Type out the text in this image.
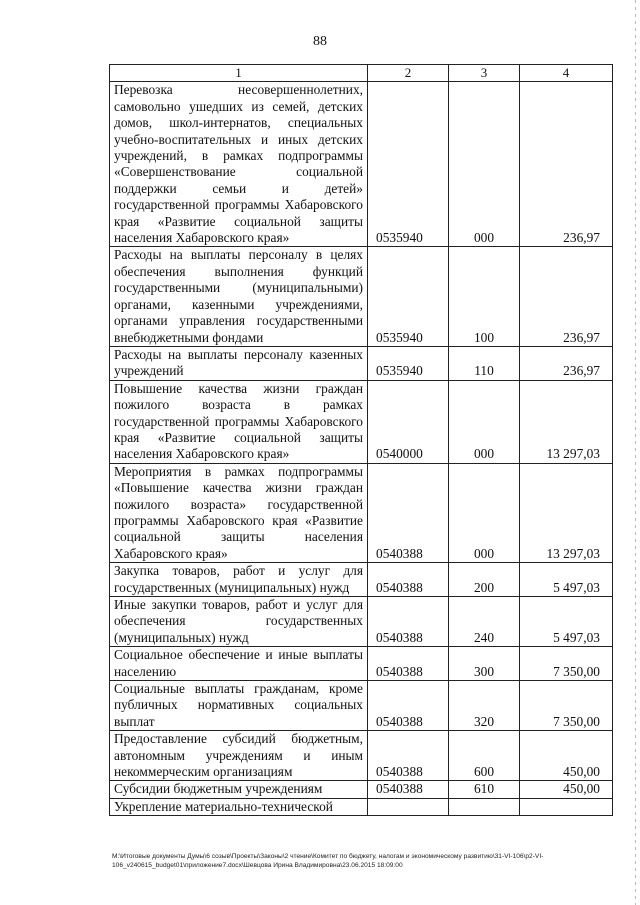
88
1	2	3	4
Перевозка несовершеннолетних, самовольно ушедших из семей, детских домов, школ-интернатов, специальных учебно-воспитательных и иных детских учреждений, в рамках подпрограммы «Совершенствование социальной поддержки семьи и детей» государственной программы Хабаровского края «Развитие социальной защиты населения Хабаровского края»	0535940	000	236,97
Расходы на выплаты персоналу в целях обеспечения выполнения функций государственными (муниципальными) органами, казенными учреждениями, органами управления государственными внебюджетными фондами	0535940	100	236,97
Расходы на выплаты персоналу казенных учреждений	0535940	110	236,97
Повышение качества жизни граждан пожилого возраста в рамках государственной программы Хабаровского края «Развитие социальной защиты населения Хабаровского края»	0540000	000	13 297,03
Мероприятия в рамках подпрограммы «Повышение качества жизни граждан пожилого возраста» государственной программы Хабаровского края «Развитие социальной защиты населения Хабаровского края»	0540388	000	13 297,03
Закупка товаров, работ и услуг для государственных (муниципальных) нужд	0540388	200	5 497,03
Иные закупки товаров, работ и услуг для обеспечения государственных (муниципальных) нужд	0540388	240	5 497,03
Социальное обеспечение и иные выплаты населению	0540388	300	7 350,00
Социальные выплаты гражданам, кроме публичных нормативных социальных выплат	0540388	320	7 350,00
Предоставление субсидий бюджетным, автономным учреждениям и иным некоммерческим организациям	0540388	600	450,00
Субсидии бюджетным учреждениям	0540388	610	450,00
Укрепление материально-технической			
M:\Итоговые документы Думы\6 созыв\Проекты\Законы\2 чтение\Комитет по бюджету, налогам и экономическому развитию\31-VI-106\p2-VI-106_v240615_budget01\приложение7.docx\Шевцова Ирина Владимировна\23.06.2015 18:09:00
